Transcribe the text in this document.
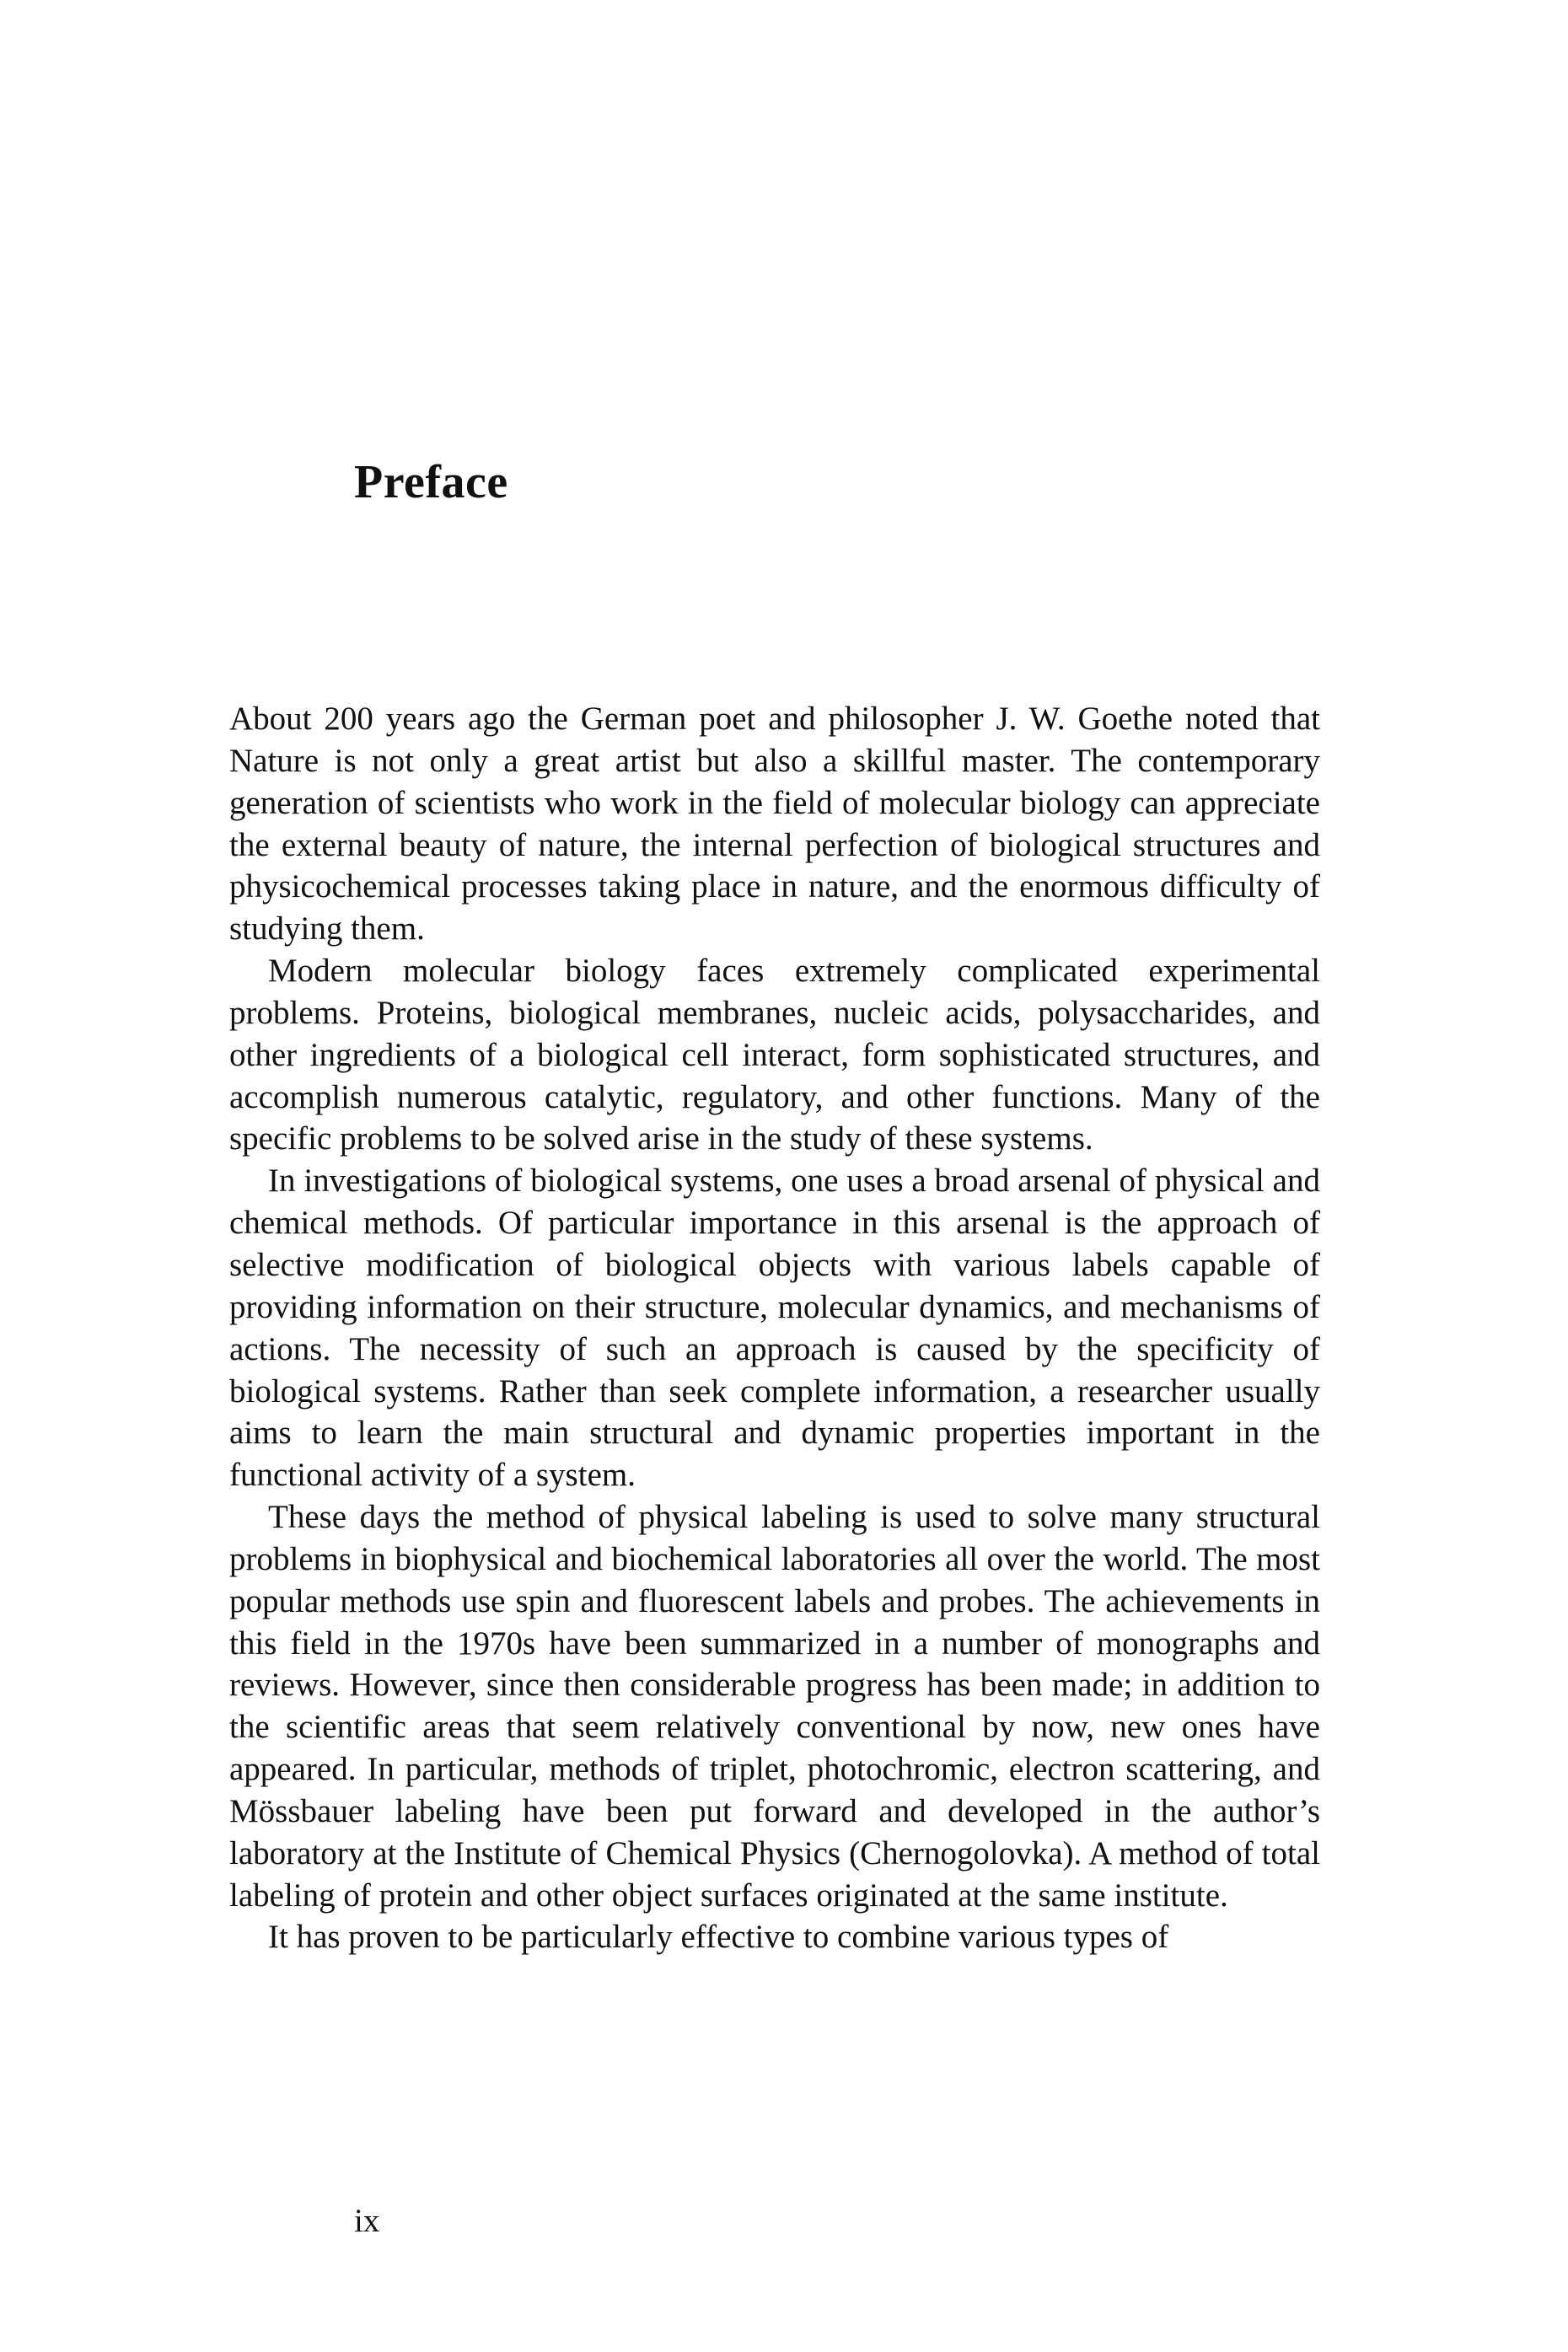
Preface

About 200 years ago the German poet and philosopher J. W. Goethe noted that Nature is not only a great artist but also a skillful master. The contemporary generation of scientists who work in the field of molecular biology can appreciate the external beauty of nature, the internal perfection of biological structures and physicochemical processes taking place in nature, and the enormous difficulty of studying them.

Modern molecular biology faces extremely complicated experimental problems. Proteins, biological membranes, nucleic acids, polysaccharides, and other ingredients of a biological cell interact, form sophisticated structures, and accomplish numerous catalytic, regulatory, and other functions. Many of the specific problems to be solved arise in the study of these systems.

In investigations of biological systems, one uses a broad arsenal of physical and chemical methods. Of particular importance in this arsenal is the approach of selective modification of biological objects with various labels capable of providing information on their structure, molecular dynamics, and mechanisms of actions. The necessity of such an approach is caused by the specificity of biological systems. Rather than seek complete information, a researcher usually aims to learn the main structural and dynamic properties important in the functional activity of a system.

These days the method of physical labeling is used to solve many structural problems in biophysical and biochemical laboratories all over the world. The most popular methods use spin and fluorescent labels and probes. The achievements in this field in the 1970s have been summarized in a number of monographs and reviews. However, since then considerable progress has been made; in addition to the scientific areas that seem relatively conventional by now, new ones have appeared. In particular, methods of triplet, photochromic, electron scattering, and Mössbauer labeling have been put forward and developed in the author’s laboratory at the Institute of Chemical Physics (Chernogolovka). A method of total labeling of protein and other object surfaces originated at the same institute.

It has proven to be particularly effective to combine various types of

ix
